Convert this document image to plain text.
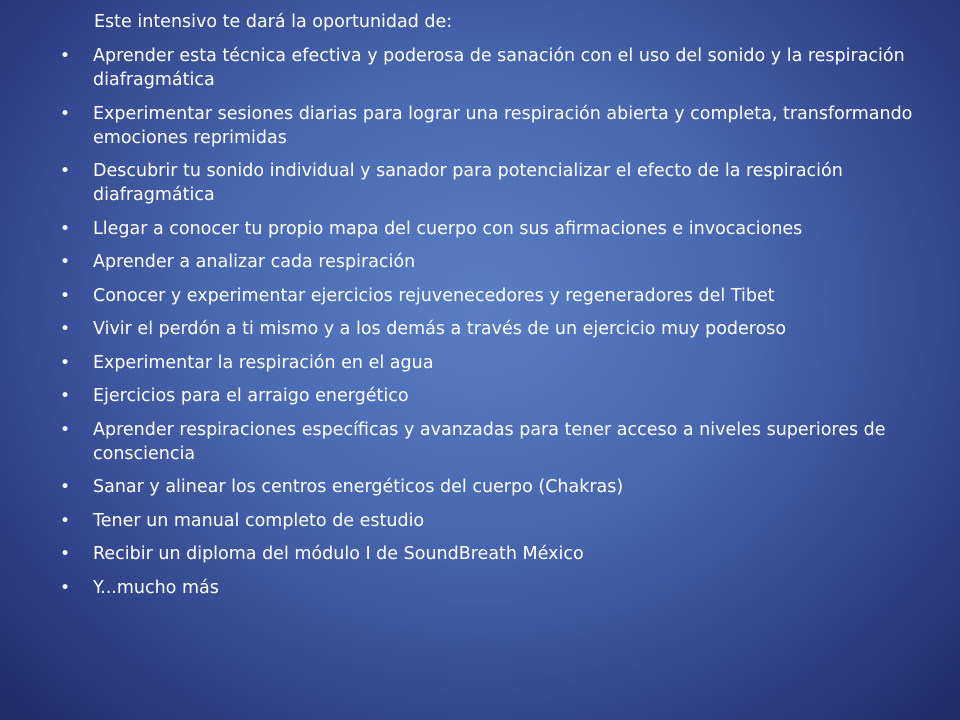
Este intensivo te dará la oportunidad de:

• Aprender esta técnica efectiva y poderosa de sanación con el uso del sonido y la respiración diafragmática
• Experimentar sesiones diarias para lograr una respiración abierta y completa, transformando emociones reprimidas
• Descubrir tu sonido individual y sanador para potencializar el efecto de la respiración diafragmática
• Llegar a conocer tu propio mapa del cuerpo con sus afirmaciones e invocaciones
• Aprender a analizar cada respiración
• Conocer y experimentar ejercicios rejuvenecedores y regeneradores del Tibet
• Vivir el perdón a ti mismo y a los demás a través de un ejercicio muy poderoso
• Experimentar la respiración en el agua
• Ejercicios para el arraigo energético
• Aprender respiraciones específicas y avanzadas para tener acceso a niveles superiores de consciencia
• Sanar y alinear los centros energéticos del cuerpo (Chakras)
• Tener un manual completo de estudio
• Recibir un diploma del módulo I de SoundBreath México
• Y...mucho más
